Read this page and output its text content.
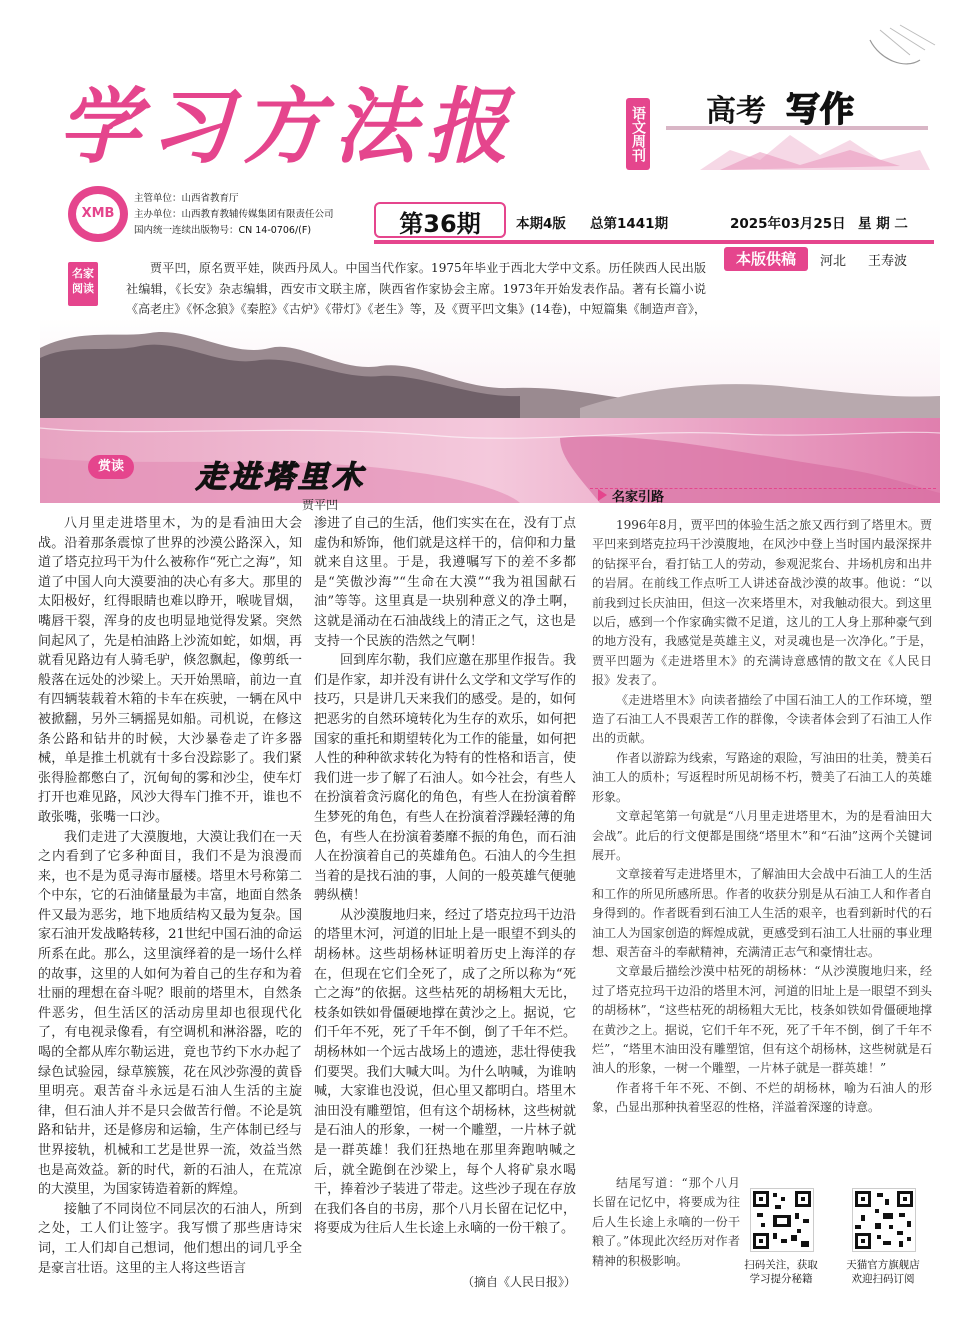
学习方法报	语文周刊 高考 写作
XMB
主管单位：山西省教育厅
主办单位：山西教育教辅传媒集团有限责任公司
国内统一连续出版物号：CN 14-0706/(F)	第36期	本期4版 总第1441期	2025年03月25日 星 期 二
本版供稿	河北 王寿波
名家
阅读
贾平凹，原名贾平娃，陕西丹凤人。中国当代作家。1975年毕业于西北大学中文系。历任陕西人民出版社编辑，《长安》杂志编辑，西安市文联主席，陕西省作家协会主席。1973年开始发表作品。著有长篇小说《高老庄》《怀念狼》《秦腔》《古炉》《带灯》《老生》等，及《贾平凹文集》(14卷)，中短篇集《制造声音》，
赏读	走进塔里木
贾平凹

八月里走进塔里木，为的是看油田大会战。沿着那条震惊了世界的沙漠公路深入，知道了塔克拉玛干为什么被称作“死亡之海”，知道了中国人向大漠要油的决心有多大。那里的太阳极好，红得眼睛也难以睁开，喉咙冒烟，嘴唇干裂，浑身的皮也明显地觉得发紧。突然间起风了，先是柏油路上沙流如蛇，如烟，再就看见路边有人骑毛驴，倏忽飘起，像剪纸一般落在远处的沙梁上。天开始黑暗，前边一直有四辆装载着木箱的卡车在疾驶，一辆在风中被掀翻，另外三辆摇晃如船。司机说，在修这条公路和钻井的时候，大沙暴卷走了许多器械，单是推土机就有十多台没踪影了。我们紧张得脸都憋白了，沉甸甸的雾和沙尘，使车灯打开也难见路，风沙大得车门推不开，谁也不敢张嘴，张嘴一口沙。

我们走进了大漠腹地，大漠让我们在一天之内看到了它多种面目，我们不是为浪漫而来，也不是为觅寻海市蜃楼。塔里木号称第二个中东，它的石油储量最为丰富，地面自然条件又最为恶劣，地下地质结构又最为复杂。国家石油开发战略转移，21世纪中国石油的命运所系在此。那么，这里演绎着的是一场什么样的故事，这里的人如何为着自己的生存和为着壮丽的理想在奋斗呢？眼前的塔里木，自然条件恶劣，但生活区的活动房里却也很现代化了，有电视录像看，有空调机和淋浴器，吃的喝的全都从库尔勒运进，竟也节约下水办起了绿色试验园，绿草簇簇，花在风沙弥漫的黄昏里明亮。艰苦奋斗永远是石油人生活的主旋律，但石油人并不是只会做苦行僧。不论是筑路和钻井，还是修房和运输，生产体制已经与世界接轨，机械和工艺是世界一流，效益当然也是高效益。新的时代，新的石油人，在荒凉的大漠里，为国家铸造着新的辉煌。

接触了不同岗位不同层次的石油人，所到之处，工人们让签字。我写惯了那些唐诗宋词，工人们却自己想词，他们想出的词几乎全是豪言壮语。这里的主人将这些语言

渗进了自己的生活，他们实实在在，没有丁点虚伪和矫饰，他们就是这样干的，信仰和力量就来自这里。于是，我遵嘱写下的差不多都是“笑傲沙海”“生命在大漠”“我为祖国献石油”等等。这里真是一块别种意义的净土啊，这就是涌动在石油战线上的清正之气，这也是支持一个民族的浩然之气啊！

回到库尔勒，我们应邀在那里作报告。我们是作家，却并没有讲什么文学和文学写作的技巧，只是讲几天来我们的感受。是的，如何把恶劣的自然环境转化为生存的欢乐，如何把国家的重托和期望转化为工作的能量，如何把人性的种种欲求转化为特有的性格和语言，使我们进一步了解了石油人。如今社会，有些人在扮演着贪污腐化的角色，有些人在扮演着醉生梦死的角色，有些人在扮演着浮躁轻薄的角色，有些人在扮演着萎靡不振的角色，而石油人在扮演着自己的英雄角色。石油人的今生担当着的是找石油的事，人间的一般英雄气便驰骋纵横！

从沙漠腹地归来，经过了塔克拉玛干边沿的塔里木河，河道的旧址上是一眼望不到头的胡杨林。这些胡杨林证明着历史上海洋的存在，但现在它们全死了，成了之所以称为“死亡之海”的依据。这些枯死的胡杨粗大无比，枝条如铁如骨僵硬地撑在黄沙之上。据说，它们千年不死，死了千年不倒，倒了千年不烂。胡杨林如一个远古战场上的遗迹，悲壮得使我们要哭。我们大喊大叫。为什么呐喊，为谁呐喊，大家谁也没说，但心里又都明白。塔里木油田没有雕塑馆，但有这个胡杨林，这些树就是石油人的形象，一树一个雕塑，一片林子就是一群英雄！我们狂热地在那里奔跑呐喊之后，就全跪倒在沙梁上，每个人将矿泉水喝干，捧着沙子装进了带走。这些沙子现在存放在我们各自的书房，那个八月长留在记忆中，将要成为往后人生长途上永嘀的一份干粮了。

（摘自《人民日报》）
名家引路

1996年8月，贾平凹的体验生活之旅又西行到了塔里木。贾平凹来到塔克拉玛干沙漠腹地，在风沙中登上当时国内最深探井的钻探平台，看打钻工人的劳动，参观泥浆台、井场机房和出井的岩屑。在前线工作点听工人讲述奋战沙漠的故事。他说：“以前我到过长庆油田，但这一次来塔里木，对我触动很大。到这里以后，感到一个作家确实微不足道，这儿的工人身上那种豪气到的地方没有，我感觉是英雄主义，对灵魂也是一次净化。”于是，贾平凹题为《走进塔里木》的充满诗意感情的散文在《人民日报》发表了。

《走进塔里木》向读者描绘了中国石油工人的工作环境，塑造了石油工人不畏艰苦工作的群像，令读者体会到了石油工人作出的贡献。

作者以游踪为线索，写路途的艰险，写油田的壮美，赞美石油工人的质朴；写返程时所见胡杨不朽，赞美了石油工人的英雄形象。

文章起笔第一句就是“八月里走进塔里木，为的是看油田大会战”。此后的行文便都是围绕“塔里木”和“石油”这两个关键词展开。

文章接着写走进塔里木，了解油田大会战中石油工人的生活和工作的所见所感所思。作者的收获分别是从石油工人和作者自身得到的。作者既看到石油工人生活的艰辛，也看到新时代的石油工人为国家创造的辉煌成就，更感受到石油工人壮丽的事业理想、艰苦奋斗的奉献精神，充满清正志气和豪情壮志。

文章最后描绘沙漠中枯死的胡杨林：“从沙漠腹地归来，经过了塔克拉玛干边沿的塔里木河，河道的旧址上是一眼望不到头的胡杨林”，“这些枯死的胡杨粗大无比，枝条如铁如骨僵硬地撑在黄沙之上。据说，它们千年不死，死了千年不倒，倒了千年不烂”，“塔里木油田没有雕塑馆，但有这个胡杨林，这些树就是石油人的形象，一树一个雕塑，一片林子就是一群英雄！”

作者将千年不死、不倒、不烂的胡杨林，喻为石油人的形象，凸显出那种执着坚忍的性格，洋溢着深邃的诗意。

结尾写道：“那个八月长留在记忆中，将要成为往后人生长途上永嘀的一份干粮了。”体现此次经历对作者精神的积极影响。	扫码关注，获取
学习提分秘籍
天猫官方旗舰店
欢迎扫码订阅
